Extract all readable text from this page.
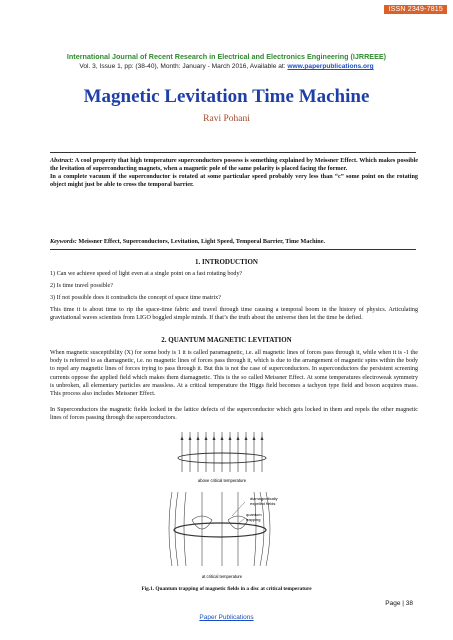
ISSN 2349-7815
International Journal of Recent Research in Electrical and Electronics Engineering (IJRREEE)
Vol. 3, Issue 1, pp: (38-40), Month: January - March 2016, Available at: www.paperpublications.org
Magnetic Levitation Time Machine
Ravi Pohani
Abstract: A cool property that high temperature superconductors possess is something explained by Meissner Effect. Which makes possible the levitation of superconducting magnets, when a magnetic pole of the same polarity is placed facing the former.
In a complete vacuum if the superconductor is rotated at some particular speed probably very less than “c” some point on the rotating object might just be able to cross the temporal barrier.
Keywords: Meissner Effect, Superconductors, Levitation, Light Speed, Temporal Barrier, Time Machine.
1. INTRODUCTION
1) Can we achieve speed of light even at a single point on a fast rotating body?
2) Is time travel possible?
3) If not possible does it contradicts the concept of space time matrix?
This time it is about time to rip the space-time fabric and travel through time causing a temporal boom in the history of physics. Articulating gravitational waves scientists from LIGO boggled simple minds. If that’s the truth about the universe then let the time be defied.
2. QUANTUM MAGNETIC LEVITATION
When magnetic susceptibility (X) for some body is 1 it is called paramagnetic, i.e. all magnetic lines of forces pass through it, while when it is -1 the body is referred to as diamagnetic, i.e. no magnetic lines of forces pass through it, which is due to the arrangement of magnetic spins within the body to repel any magnetic lines of forces trying to pass through it. But this is not the case of superconductors. In superconductors the persistent screening currents oppose the applied field which makes them diamagnetic. This is the so called Meissner Effect. At some temperatures electroweak symmetry is unbroken, all elementary particles are massless. At a critical temperature the Higgs field becomes a tachyon type field and boson acquires mass. This process also includes Meissner Effect.
In Superconductors the magnetic fields locked in the lattice defects of the superconductor which gets locked in them and repels the other magnetic lines of forces passing through the superconductors.
above critical temperature
diamagnetically
expelled fields
quantum
trapping
at critical temperature
Fig.1. Quantum trapping of magnetic fields in a disc at critical temperature
Page | 38
Paper Publications
